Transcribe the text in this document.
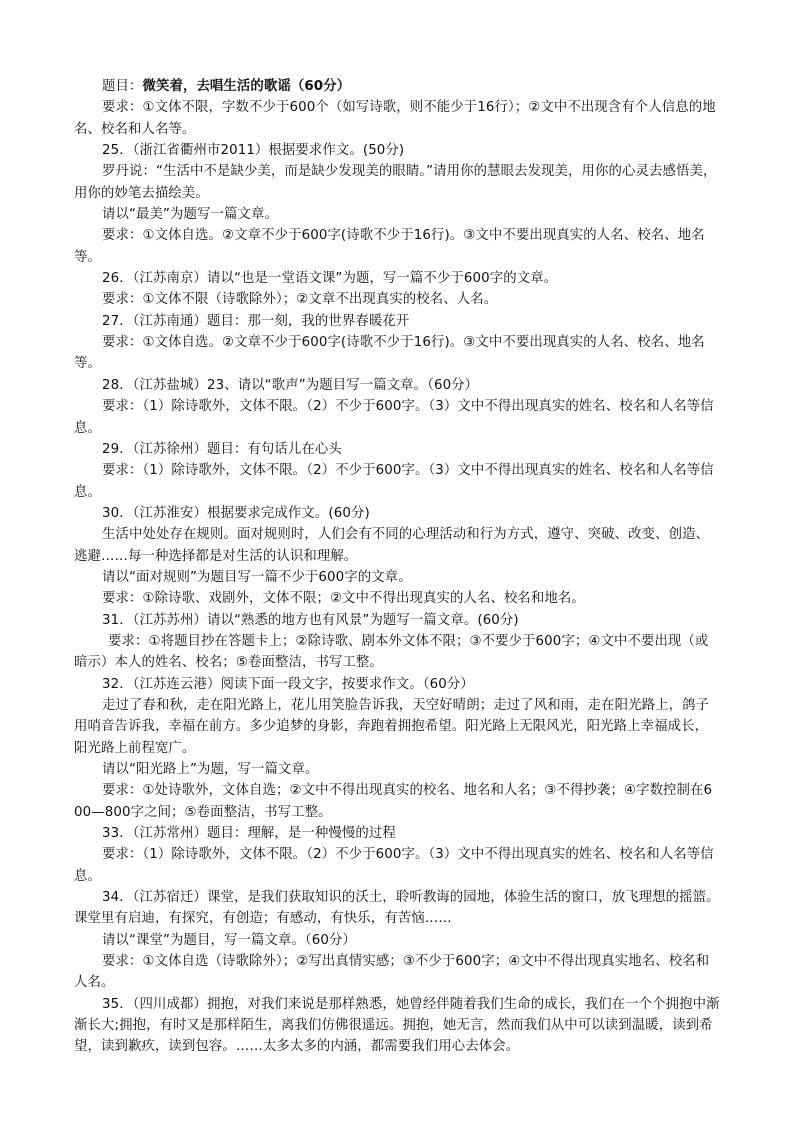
题目：微笑着，去唱生活的歌谣（60分）

要求：①文体不限，字数不少于600个（如写诗歌，则不能少于16行）；②文中不出现含有个人信息的地名、校名和人名等。

25．（浙江省衢州市2011）根据要求作文。(50分)

罗丹说：“生活中不是缺少美，而是缺少发现美的眼睛。”请用你的慧眼去发现美，用你的心灵去感悟美，用你的妙笔去描绘美。

请以“最美”为题写一篇文章。

要求：①文体自选。②文章不少于600字(诗歌不少于16行)。③文中不要出现真实的人名、校名、地名等。

26．（江苏南京）请以“也是一堂语文课”为题，写一篇不少于600字的文章。

要求：①文体不限（诗歌除外）；②文章不出现真实的校名、人名。

27．（江苏南通）题目：那一刻，我的世界春暖花开

要求：①文体自选。②文章不少于600字(诗歌不少于16行)。③文中不要出现真实的人名、校名、地名等。

28．（江苏盐城）23、请以“歌声”为题目写一篇文章。（60分）

要求：（1）除诗歌外，文体不限。（2）不少于600字。（3）文中不得出现真实的姓名、校名和人名等信息。

29．（江苏徐州）题目：有句话儿在心头

要求：（1）除诗歌外，文体不限。（2）不少于600字。（3）文中不得出现真实的姓名、校名和人名等信息。

30．（江苏淮安）根据要求完成作文。(60分)

生活中处处存在规则。面对规则时，人们会有不同的心理活动和行为方式，遵守、突破、改变、创造、逃避……每一种选择都是对生活的认识和理解。

请以“面对规则”为题目写一篇不少于600字的文章。

要求：①除诗歌、戏剧外，文体不限；②文中不得出现真实的人名、校名和地名。

31．（江苏苏州）请以“熟悉的地方也有风景”为题写一篇文章。(60分)

要求：①将题目抄在答题卡上；②除诗歌、剧本外文体不限；③不要少于600字；④文中不要出现（或暗示）本人的姓名、校名；⑤卷面整洁，书写工整。

32．（江苏连云港）阅读下面一段文字，按要求作文。（60分）

走过了春和秋，走在阳光路上，花儿用笑脸告诉我，天空好晴朗；走过了风和雨，走在阳光路上，鸽子用哨音告诉我，幸福在前方。多少追梦的身影，奔跑着拥抱希望。阳光路上无限风光，阳光路上幸福成长，阳光路上前程宽广。

请以“阳光路上”为题，写一篇文章。

要求：①处诗歌外，文体自选；②文中不得出现真实的校名、地名和人名；③不得抄袭；④字数控制在600—800字之间；⑤卷面整洁，书写工整。

33．（江苏常州）题目：理解，是一种慢慢的过程

要求：（1）除诗歌外，文体不限。（2）不少于600字。（3）文中不得出现真实的姓名、校名和人名等信息。

34．（江苏宿迁）课堂，是我们获取知识的沃土，聆听教诲的园地，体验生活的窗口，放飞理想的摇篮。课堂里有启迪，有探究，有创造；有感动，有快乐，有苦恼……

请以“课堂”为题目，写一篇文章。（60分）

要求：①文体自选（诗歌除外）；②写出真情实感；③不少于600字；④文中不得出现真实地名、校名和人名。

35．（四川成都）拥抱，对我们来说是那样熟悉，她曾经伴随着我们生命的成长，我们在一个个拥抱中渐渐长大;拥抱，有时又是那样陌生，离我们仿佛很遥远。拥抱，她无言，然而我们从中可以读到温暖，读到希望，读到歉疚，读到包容。……太多太多的内涵，都需要我们用心去体会。
